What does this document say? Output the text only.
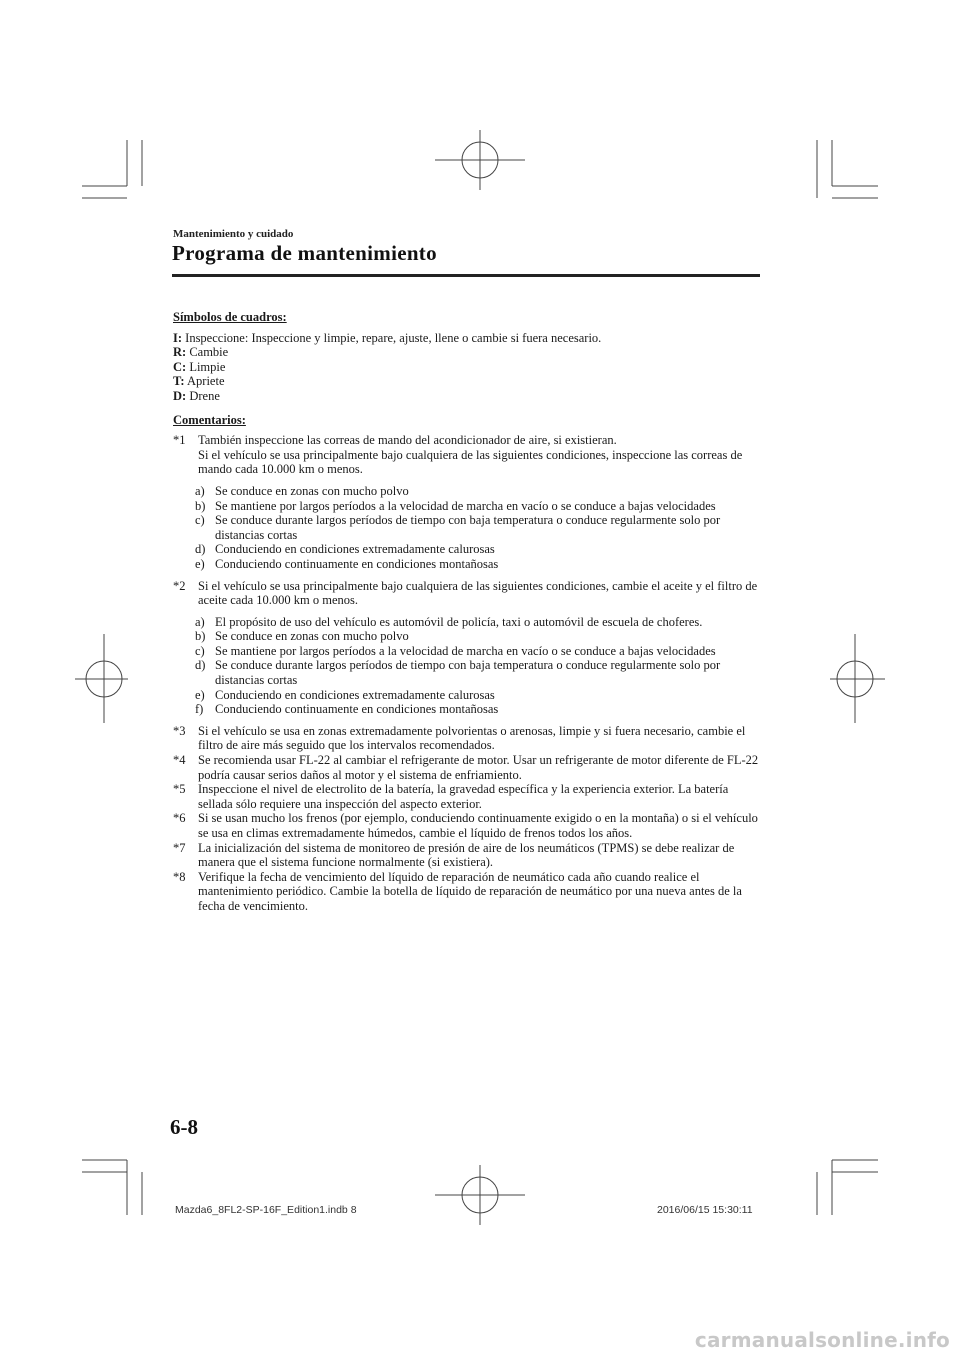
Mantenimiento y cuidado
Programa de mantenimiento

Símbolos de cuadros:

I: Inspeccione: Inspeccione y limpie, repare, ajuste, llene o cambie si fuera necesario.

R: Cambie

C: Limpie

T: Apriete

D: Drene

Comentarios:

*1 También inspeccione las correas de mando del acondicionador de aire, si existieran.
Si el vehículo se usa principalmente bajo cualquiera de las siguientes condiciones, inspeccione las correas de mando cada 10.000 km o menos.
a) Se conduce en zonas con mucho polvo
b) Se mantiene por largos períodos a la velocidad de marcha en vacío o se conduce a bajas velocidades
c) Se conduce durante largos períodos de tiempo con baja temperatura o conduce regularmente solo por distancias cortas
d) Conduciendo en condiciones extremadamente calurosas
e) Conduciendo continuamente en condiciones montañosas
*2 Si el vehículo se usa principalmente bajo cualquiera de las siguientes condiciones, cambie el aceite y el filtro de aceite cada 10.000 km o menos.
a) El propósito de uso del vehículo es automóvil de policía, taxi o automóvil de escuela de choferes.
b) Se conduce en zonas con mucho polvo
c) Se mantiene por largos períodos a la velocidad de marcha en vacío o se conduce a bajas velocidades
d) Se conduce durante largos períodos de tiempo con baja temperatura o conduce regularmente solo por distancias cortas
e) Conduciendo en condiciones extremadamente calurosas
f) Conduciendo continuamente en condiciones montañosas
*3 Si el vehículo se usa en zonas extremadamente polvorientas o arenosas, limpie y si fuera necesario, cambie el filtro de aire más seguido que los intervalos recomendados.
*4 Se recomienda usar FL-22 al cambiar el refrigerante de motor. Usar un refrigerante de motor diferente de FL-22 podría causar serios daños al motor y el sistema de enfriamiento.
*5 Inspeccione el nivel de electrolito de la batería, la gravedad específica y la experiencia exterior. La batería sellada sólo requiere una inspección del aspecto exterior.
*6 Si se usan mucho los frenos (por ejemplo, conduciendo continuamente exigido o en la montaña) o si el vehículo se usa en climas extremadamente húmedos, cambie el líquido de frenos todos los años.
*7 La inicialización del sistema de monitoreo de presión de aire de los neumáticos (TPMS) se debe realizar de manera que el sistema funcione normalmente (si existiera).
*8 Verifique la fecha de vencimiento del líquido de reparación de neumático cada año cuando realice el mantenimiento periódico. Cambie la botella de líquido de reparación de neumático por una nueva antes de la fecha de vencimiento.
6-8
Mazda6_8FL2-SP-16F_Edition1.indb 8	2016/06/15 15:30:11
carmanualsonline.info
